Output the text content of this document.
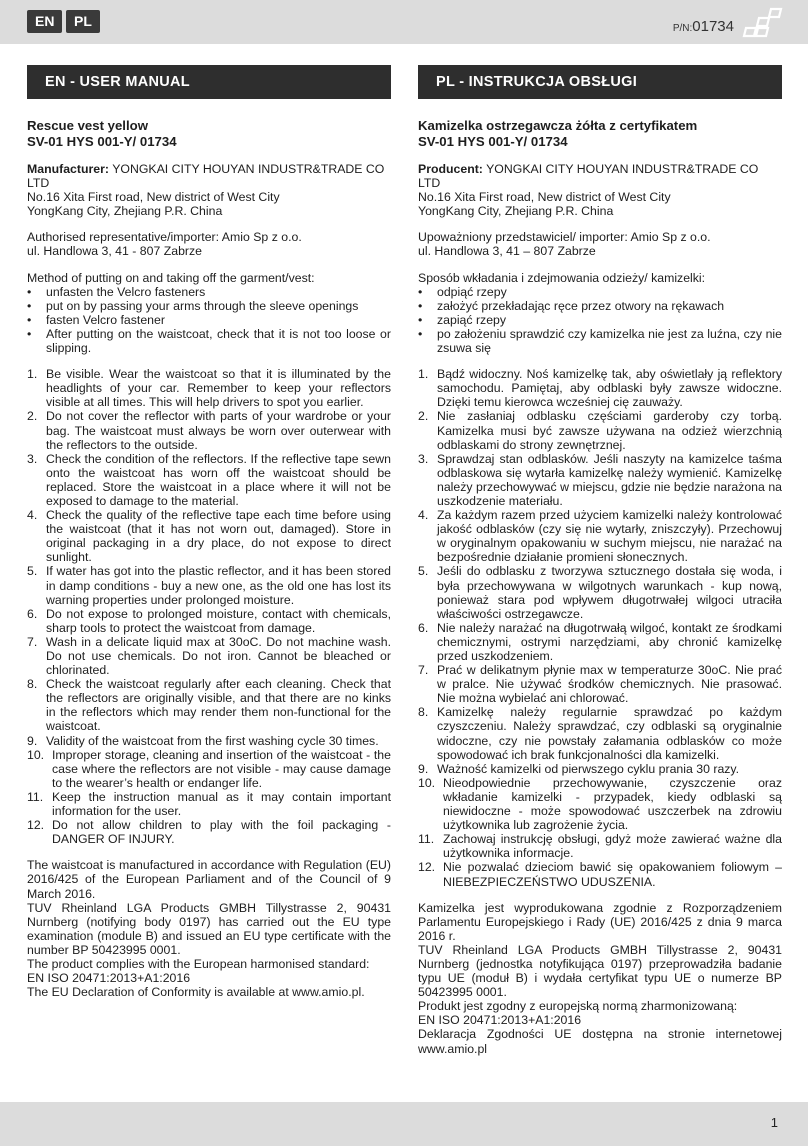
EN	PL	P/N:01734
EN - USER MANUAL
Rescue vest yellow
SV-01 HYS 001-Y/ 01734
Manufacturer: YONGKAI CITY HOUYAN INDUSTR&TRADE CO LTD
No.16 Xita First road, New district of West City
YongKang City, Zhejiang P.R. China
Authorised representative/importer: Amio Sp z o.o.
ul. Handlowa 3, 41 - 807 Zabrze
Method of putting on and taking off the garment/vest:
• unfasten the Velcro fasteners
• put on by passing your arms through the sleeve openings
• fasten Velcro fastener
• After putting on the waistcoat, check that it is not too loose or slipping.
1. Be visible. Wear the waistcoat so that it is illuminated by the headlights of your car. Remember to keep your reflectors visible at all times. This will help drivers to spot you earlier.
2. Do not cover the reflector with parts of your wardrobe or your bag. The waistcoat must always be worn over outerwear with the reflectors to the outside.
3. Check the condition of the reflectors. If the reflective tape sewn onto the waistcoat has worn off the waistcoat should be replaced. Store the waistcoat in a place where it will not be exposed to damage to the material.
4. Check the quality of the reflective tape each time before using the waistcoat (that it has not worn out, damaged). Store in original packaging in a dry place, do not expose to direct sunlight.
5. If water has got into the plastic reflector, and it has been stored in damp conditions - buy a new one, as the old one has lost its warning properties under prolonged moisture.
6. Do not expose to prolonged moisture, contact with chemicals, sharp tools to protect the waistcoat from damage.
7. Wash in a delicate liquid max at 30oC. Do not machine wash. Do not use chemicals. Do not iron. Cannot be bleached or chlorinated.
8. Check the waistcoat regularly after each cleaning. Check that the reflectors are originally visible, and that there are no kinks in the reflectors which may render them non-functional for the waistcoat.
9. Validity of the waistcoat from the first washing cycle 30 times.
10. Improper storage, cleaning and insertion of the waistcoat - the case where the reflectors are not visible - may cause damage to the wearer’s health or endanger life.
11. Keep the instruction manual as it may contain important information for the user.
12. Do not allow children to play with the foil packaging - DANGER OF INJURY.
The waistcoat is manufactured in accordance with Regulation (EU) 2016/425 of the European Parliament and of the Council of 9 March 2016.
TUV Rheinland LGA Products GMBH Tillystrasse 2, 90431 Nurnberg (notifying body 0197) has carried out the EU type examination (module B) and issued an EU type certificate with the number BP 50423995 0001.
The product complies with the European harmonised standard:
EN ISO 20471:2013+A1:2016
The EU Declaration of Conformity is available at www.amio.pl.
PL - INSTRUKCJA OBSŁUGI
Kamizelka ostrzegawcza żółta z certyfikatem
SV-01 HYS 001-Y/ 01734
Producent: YONGKAI CITY HOUYAN INDUSTR&TRADE CO LTD
No.16 Xita First road, New district of West City
YongKang City, Zhejiang P.R. China
Upoważniony przedstawiciel/ importer: Amio Sp z o.o.
ul. Handlowa 3, 41 – 807 Zabrze
Sposób wkładania i zdejmowania odzieży/ kamizelki:
• odpiąć rzepy
• założyć przekładając ręce przez otwory na rękawach
• zapiąć rzepy
• po założeniu sprawdzić czy kamizelka nie jest za luźna, czy nie zsuwa się
1. Bądź widoczny. Noś kamizelkę tak, aby oświetlały ją reflektory samochodu. Pamiętaj, aby odblaski były zawsze widoczne. Dzięki temu kierowca wcześniej cię zauważy.
2. Nie zasłaniaj odblasku częściami garderoby czy torbą. Kamizelka musi być zawsze używana na odzież wierzchnią odblaskami do strony zewnętrznej.
3. Sprawdzaj stan odblasków. Jeśli naszyty na kamizelce taśma odblaskowa się wytarła kamizelkę należy wymienić. Kamizelkę należy przechowywać w miejscu, gdzie nie będzie narażona na uszkodzenie materiału.
4. Za każdym razem przed użyciem kamizelki należy kontrolować jakość odblasków (czy się nie wytarły, zniszczyły). Przechowuj w oryginalnym opakowaniu w suchym miejscu, nie narażać na bezpośrednie działanie promieni słonecznych.
5. Jeśli do odblasku z tworzywa sztucznego dostała się woda, i była przechowywana w wilgotnych warunkach - kup nową, ponieważ stara pod wpływem długotrwałej wilgoci utraciła właściwości ostrzegawcze.
6. Nie należy narażać na długotrwałą wilgoć, kontakt ze środkami chemicznymi, ostrymi narzędziami, aby chronić kamizelkę przed uszkodzeniem.
7. Prać w delikatnym płynie max w temperaturze 30oC. Nie prać w pralce. Nie używać środków chemicznych. Nie prasować. Nie można wybielać ani chlorować.
8. Kamizelkę należy regularnie sprawdzać po każdym czyszczeniu. Należy sprawdzać, czy odblaski są oryginalnie widoczne, czy nie powstały załamania odblasków co może spowodować ich brak funkcjonalności dla kamizelki.
9. Ważność kamizelki od pierwszego cyklu prania 30 razy.
10. Nieodpowiednie przechowywanie, czyszczenie oraz wkładanie kamizelki - przypadek, kiedy odblaski są niewidoczne - może spowodować uszczerbek na zdrowiu użytkownika lub zagrożenie życia.
11. Zachowaj instrukcję obsługi, gdyż może zawierać ważne dla użytkownika informacje.
12. Nie pozwalać dzieciom bawić się opakowaniem foliowym – NIEBEZPIECZEŃSTWO UDUSZENIA.
Kamizelka jest wyprodukowana zgodnie z Rozporządzeniem Parlamentu Europejskiego i Rady (UE) 2016/425 z dnia 9 marca 2016 r.
TUV Rheinland LGA Products GMBH Tillystrasse 2, 90431 Nurnberg (jednostka notyfikująca 0197) przeprowadziła badanie typu UE (moduł B) i wydała certyfikat typu UE o numerze BP 50423995 0001.
Produkt jest zgodny z europejską normą zharmonizowaną:
EN ISO 20471:2013+A1:2016
Deklaracja Zgodności UE dostępna na stronie internetowej www.amio.pl
1
